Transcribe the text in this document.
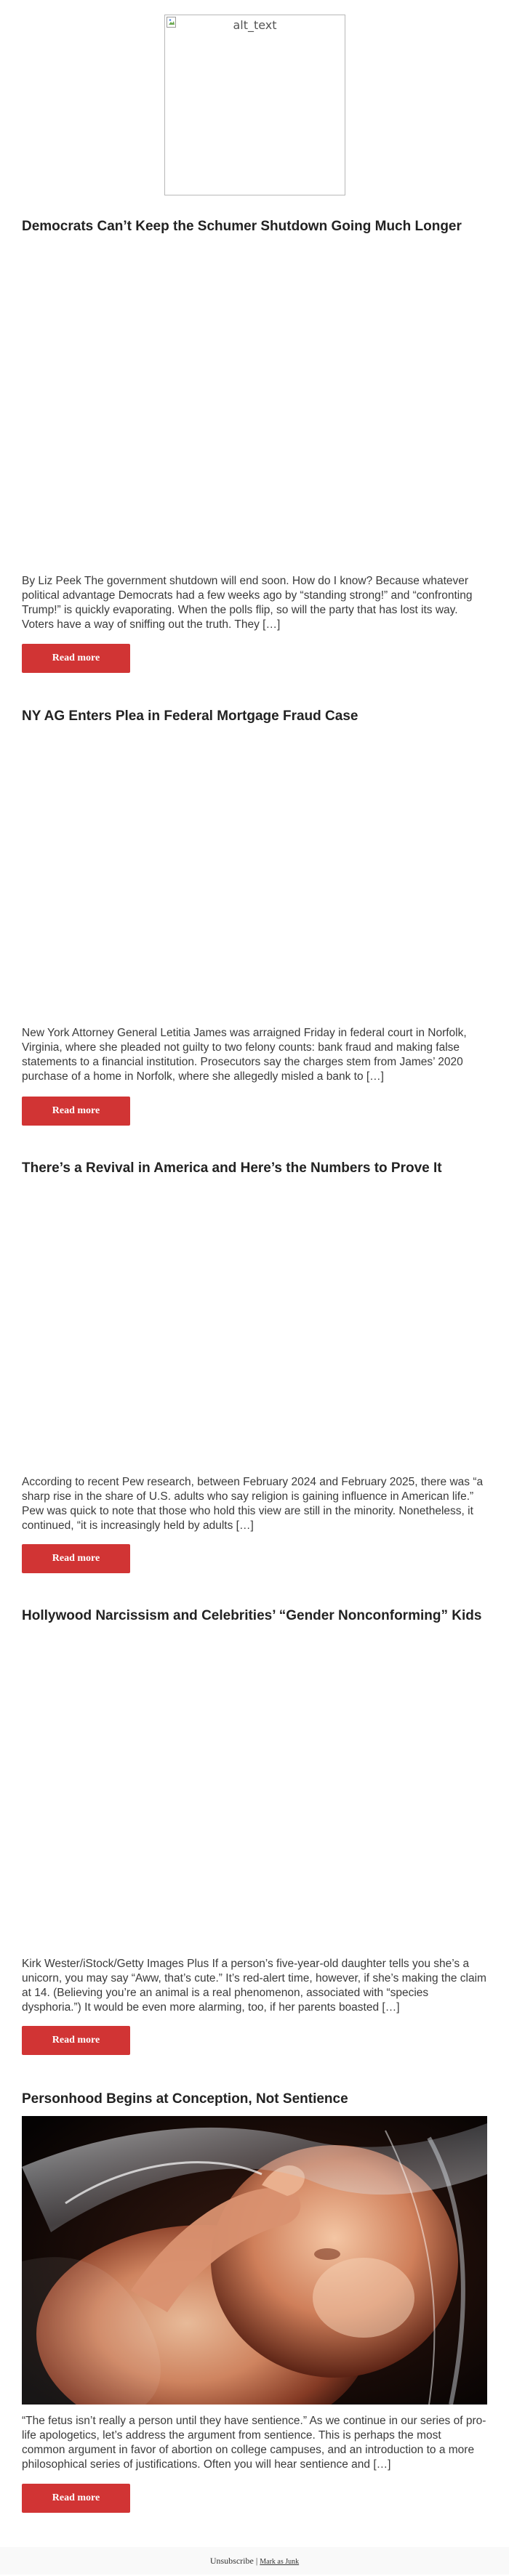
alt_text
Democrats Can’t Keep the Schumer Shutdown Going Much Longer

By Liz Peek The government shutdown will end soon. How do I know? Because whatever political advantage Democrats had a few weeks ago by “standing strong!” and “confronting Trump!” is quickly evaporating. When the polls flip, so will the party that has lost its way. Voters have a way of sniffing out the truth. They […]

Read more
NY AG Enters Plea in Federal Mortgage Fraud Case

New York Attorney General Letitia James was arraigned Friday in federal court in Norfolk, Virginia, where she pleaded not guilty to two felony counts: bank fraud and making false statements to a financial institution. Prosecutors say the charges stem from James’ 2020 purchase of a home in Norfolk, where she allegedly misled a bank to […]

Read more
There’s a Revival in America and Here’s the Numbers to Prove It

According to recent Pew research, between February 2024 and February 2025, there was “a sharp rise in the share of U.S. adults who say religion is gaining influence in American life.” Pew was quick to note that those who hold this view are still in the minority. Nonetheless, it continued, “it is increasingly held by adults […]

Read more
Hollywood Narcissism and Celebrities’ “Gender Nonconforming” Kids

Kirk Wester/iStock/Getty Images Plus If a person’s five-year-old daughter tells you she’s a unicorn, you may say “Aww, that’s cute.” It’s red-alert time, however, if she’s making the claim at 14. (Believing you’re an animal is a real phenomenon, associated with “species dysphoria.”) It would be even more alarming, too, if her parents boasted […]

Read more
Personhood Begins at Conception, Not Sentience

“The fetus isn’t really a person until they have sentience.” As we continue in our series of pro-life apologetics, let’s address the argument from sentience. This is perhaps the most common argument in favor of abortion on college campuses, and an introduction to a more philosophical series of justifications. Often you will hear sentience and […]

Read more
Unsubscribe | Mark as Junk
